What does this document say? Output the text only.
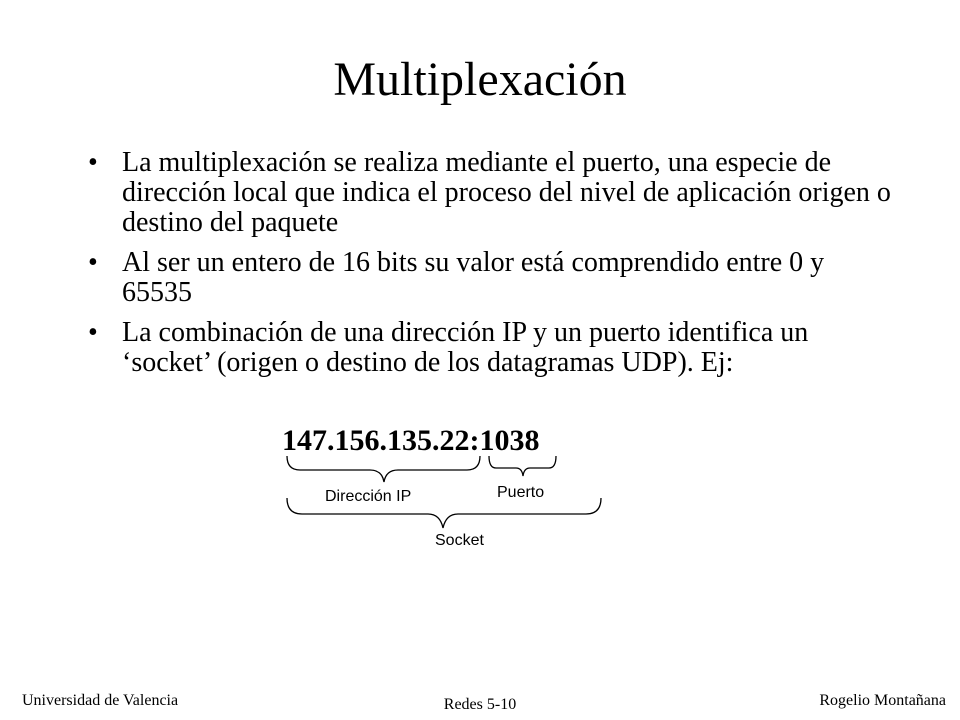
Multiplexación
• La multiplexación se realiza mediante el puerto, una especie de dirección local que indica el proceso del nivel de aplicación origen o destino del paquete
• Al ser un entero de 16 bits su valor está comprendido entre 0 y 65535
• La combinación de una dirección IP y un puerto identifica un ‘socket’ (origen o destino de los datagramas UDP). Ej:
147.156.135.22:1038
Dirección IP	Puerto
Socket
Universidad de Valencia	Redes 5-10	Rogelio Montañana
